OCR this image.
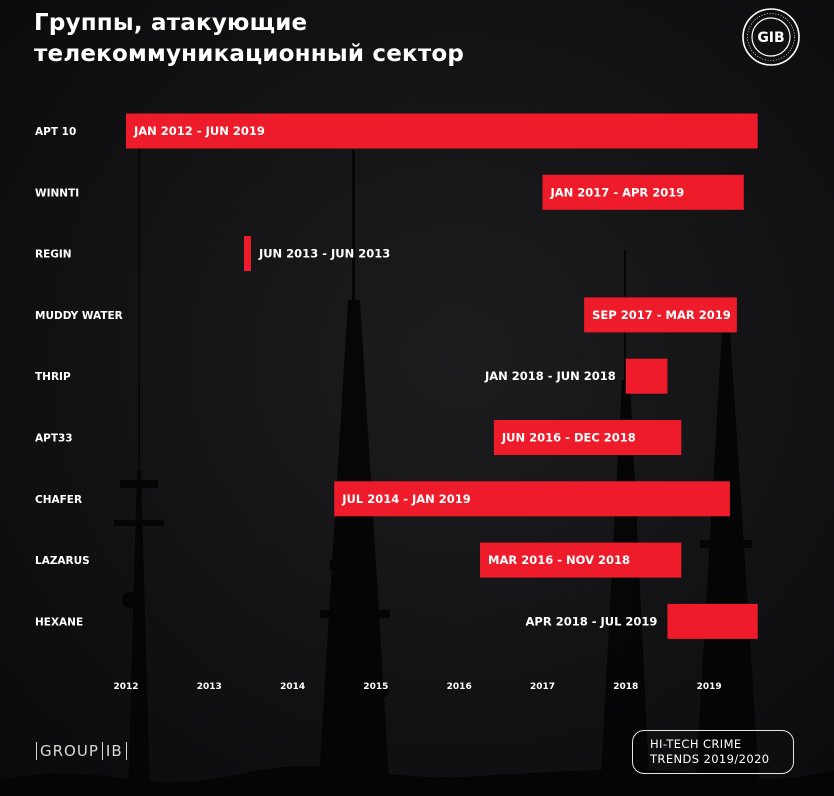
Группы, атакующие
телекоммуникационный сектор
GIB
APT 10	JAN 2012 - JUN 2019
WINNTI	JAN 2017 - APR 2019
REGIN	JUN 2013 - JUN 2013
MUDDY WATER	SEP 2017 - MAR 2019
THRIP	JAN 2018 - JUN 2018
APT33	JUN 2016 - DEC 2018
CHAFER	JUL 2014 - JAN 2019
LAZARUS	MAR 2016 - NOV 2018
HEXANE	APR 2018 - JUL 2019
2012	2013	2014	2015	2016	2017	2018	2019
GROUP IB	HI-TECH CRIME
TRENDS 2019/2020
